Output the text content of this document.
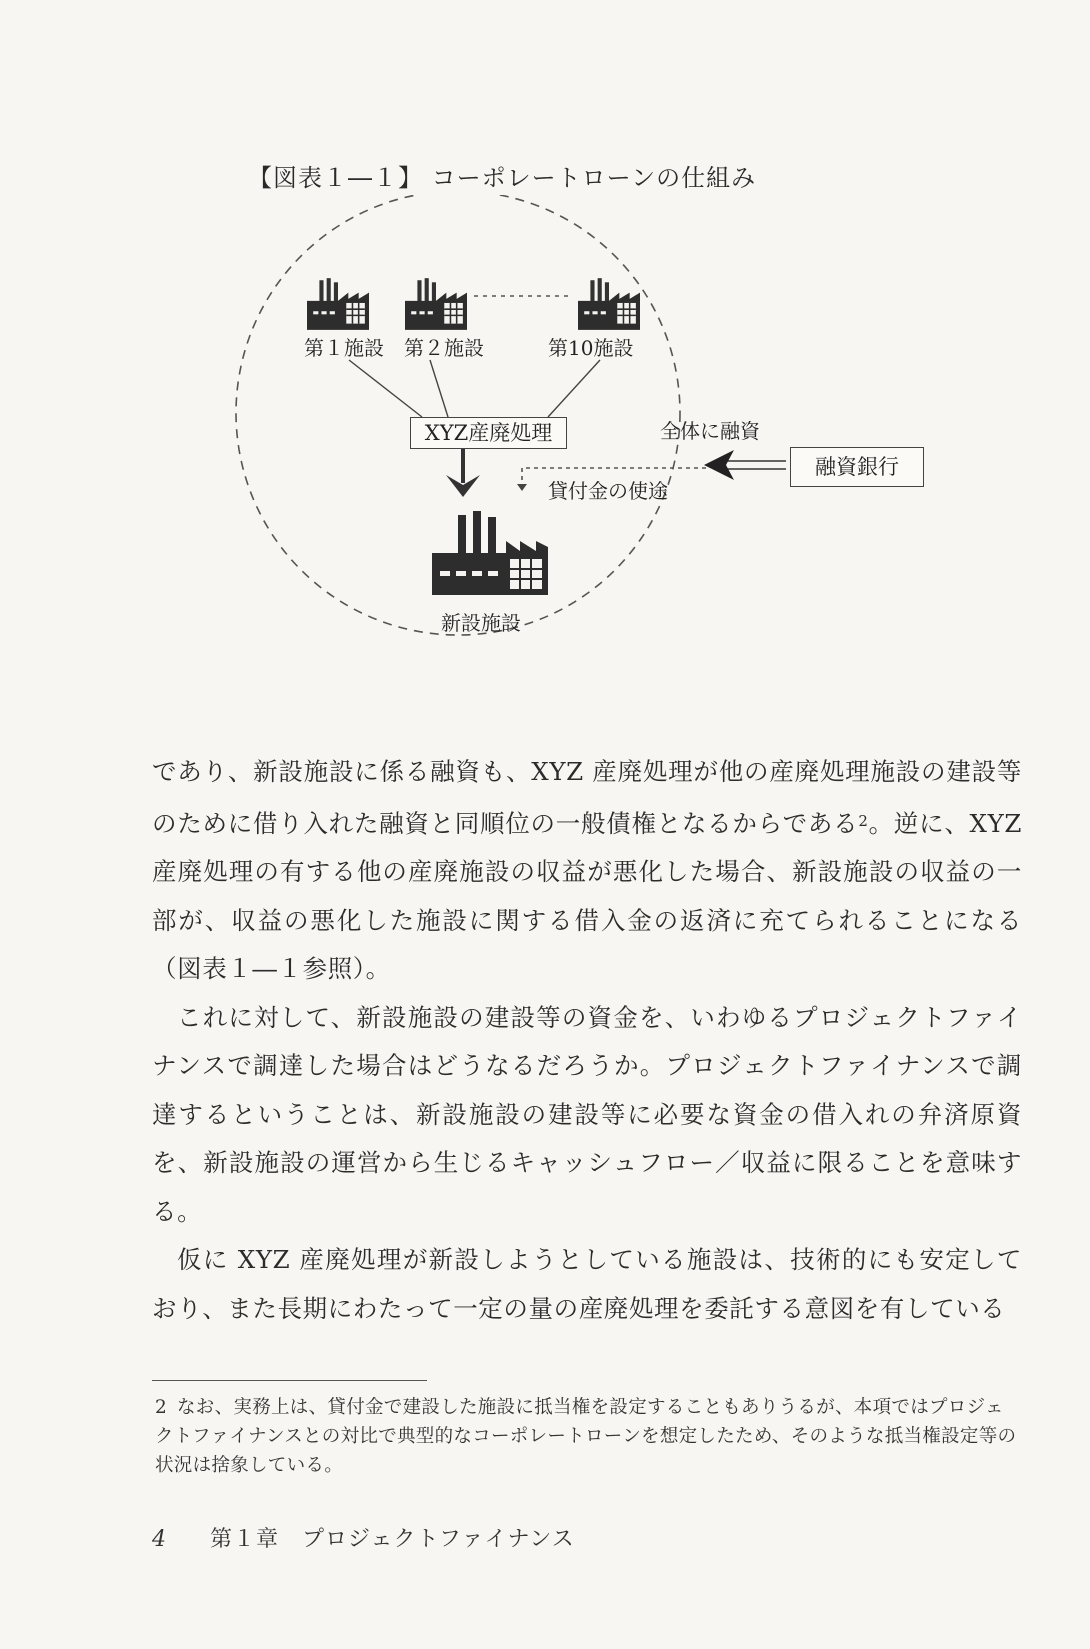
【図表１―１】 コーポレートローンの仕組み
第１施設 第２施設	第10施設
XYZ産廃処理	全体に融資
貸付金の使途
融資銀行
新設施設

であり、新設施設に係る融資も、XYZ 産廃処理が他の産廃処理施設の建設等のために借り入れた融資と同順位の一般債権となるからである$^2$。逆に、XYZ 産廃処理の有する他の産廃施設の収益が悪化した場合、新設施設の収益の一部が、収益の悪化した施設に関する借入金の返済に充てられることになる（図表１―１参照）。

これに対して、新設施設の建設等の資金を、いわゆるプロジェクトファイナンスで調達した場合はどうなるだろうか。プロジェクトファイナンスで調達するということは、新設施設の建設等に必要な資金の借入れの弁済原資を、新設施設の運営から生じるキャッシュフロー／収益に限ることを意味する。

仮に XYZ 産廃処理が新設しようとしている施設は、技術的にも安定しており、また長期にわたって一定の量の産廃処理を委託する意図を有している

2 なお、実務上は、貸付金で建設した施設に抵当権を設定することもありうるが、本項ではプロジェクトファイナンスとの対比で典型的なコーポレートローンを想定したため、そのような抵当権設定等の状況は捨象している。
4 第１章　プロジェクトファイナンス
